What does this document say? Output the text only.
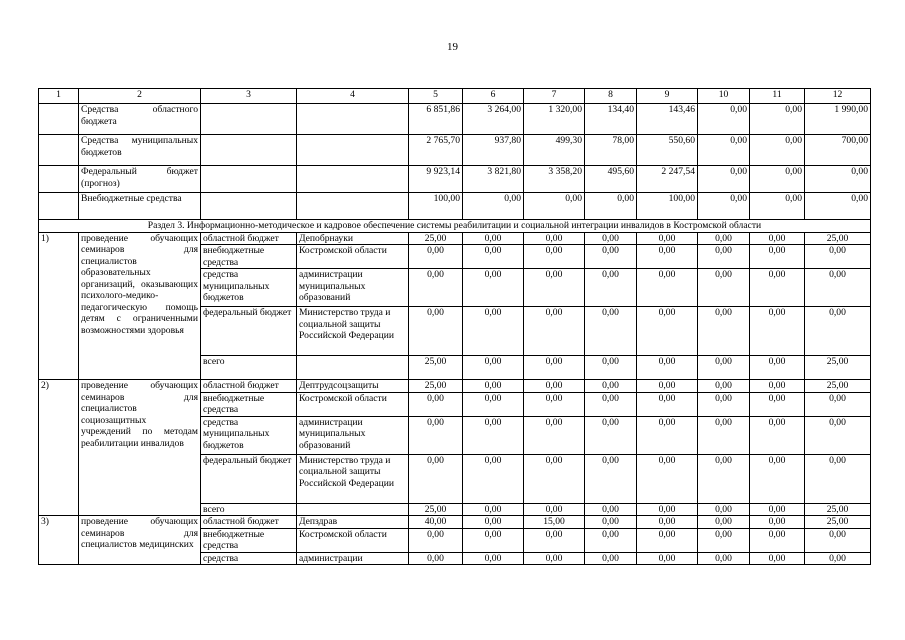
19
1	2	3	4	5	6	7	8	9	10	11	12
	Средства областного бюджета			6 851,86	3 264,00	1 320,00	134,40	143,46	0,00	0,00	1 990,00
	Средства муниципальных бюджетов			2 765,70	937,80	499,30	78,00	550,60	0,00	0,00	700,00
	Федеральный бюджет (прогноз)			9 923,14	3 821,80	3 358,20	495,60	2 247,54	0,00	0,00	0,00
	Внебюджетные средства			100,00	0,00	0,00	0,00	100,00	0,00	0,00	0,00
Раздел 3. Информационно-методическое и кадровое обеспечение системы реабилитации и социальной интеграции инвалидов в Костромской области											
1)	проведение обучающих семинаров для специалистов образовательных организаций, оказывающих психолого-медико-педагогическую помощь детям с ограниченными возможностями здоровья	областной бюджет	Депобрнауки	25,00	0,00	0,00	0,00	0,00	0,00	0,00	25,00
		внебюджетные средства	Костромской области	0,00	0,00	0,00	0,00	0,00	0,00	0,00	0,00
		средства муниципальных бюджетов	администрации муниципальных образований	0,00	0,00	0,00	0,00	0,00	0,00	0,00	0,00
		федеральный бюджет	Министерство труда и социальной защиты Российской Федерации	0,00	0,00	0,00	0,00	0,00	0,00	0,00	0,00
		всего		25,00	0,00	0,00	0,00	0,00	0,00	0,00	25,00
2)	проведение обучающих семинаров для специалистов социозащитных учреждений по методам реабилитации инвалидов	областной бюджет	Дептрудсоцзащиты	25,00	0,00	0,00	0,00	0,00	0,00	0,00	25,00
		внебюджетные средства	Костромской области	0,00	0,00	0,00	0,00	0,00	0,00	0,00	0,00
		средства муниципальных бюджетов	администрации муниципальных образований	0,00	0,00	0,00	0,00	0,00	0,00	0,00	0,00
		федеральный бюджет	Министерство труда и социальной защиты Российской Федерации	0,00	0,00	0,00	0,00	0,00	0,00	0,00	0,00
		всего		25,00	0,00	0,00	0,00	0,00	0,00	0,00	25,00
3)	проведение обучающих семинаров для специалистов медицинских	областной бюджет	Депздрав	40,00	0,00	15,00	0,00	0,00	0,00	0,00	25,00
		внебюджетные средства	Костромской области	0,00	0,00	0,00	0,00	0,00	0,00	0,00	0,00
		средства	администрации	0,00	0,00	0,00	0,00	0,00	0,00	0,00	0,00
